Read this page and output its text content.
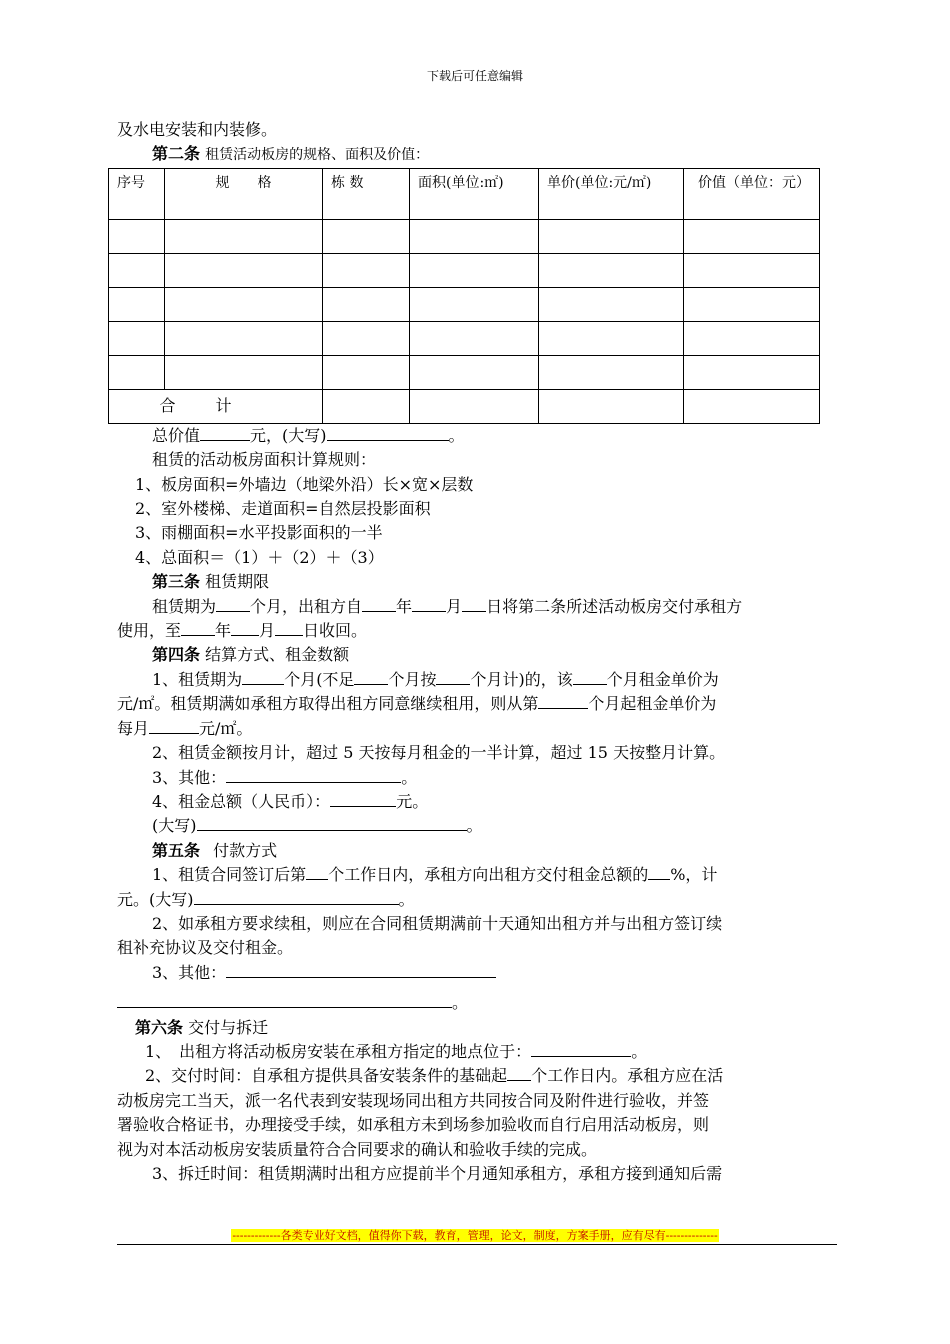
下载后可任意编辑

及水电安装和内装修。

第二条 租赁活动板房的规格、面积及价值：

序号	规　　格	栋 数	面积(单位:㎡)	单价(单位:元/㎡)	价值（单位：元）

合计					

总价值	元，(大写)	。

租赁的活动板房面积计算规则：

1、板房面积=外墙边（地梁外沿）长×宽×层数

2、室外楼梯、走道面积=自然层投影面积

3、雨棚面积=水平投影面积的一半

4、总面积＝（1）＋（2）＋（3）

第三条 租赁期限

租赁期为 个月，出租方自 年 月 日将第二条所述活动板房交付承租方

使用，至 年 月 日收回。

第四条 结算方式、租金数额

1、租赁期为	个月(不足 个月按 个月计)的，该 个月租金单价为

元/㎡。租赁期满如承租方取得出租方同意继续租用，则从第	个月起租金单价为

每月	元/㎡。

2、租赁金额按月计，超过 5 天按每月租金的一半计算，超过 15 天按整月计算。

3、其他：	。

4、租金总额（人民币）：	元。

(大写)	。

第五条 付款方式

1、租赁合同签订后第 个工作日内，承租方向出租方交付租金总额的 %，计

元。(大写)	。

2、如承租方要求续租，则应在合同租赁期满前十天通知出租方并与出租方签订续

租补充协议及交付租金。

3、其他：

。

第六条 交付与拆迁

1、　出租方将活动板房安装在承租方指定的地点位于：	。

2、交付时间：自承租方提供具备安装条件的基础起 个工作日内。承租方应在活

动板房完工当天，派一名代表到安装现场同出租方共同按合同及附件进行验收，并签

署验收合格证书，办理接受手续，如承租方未到场参加验收而自行启用活动板房，则

视为对本活动板房安装质量符合合同要求的确认和验收手续的完成。

3、拆迁时间：租赁期满时出租方应提前半个月通知承租方，承租方接到通知后需

-------------各类专业好文档，值得你下载，教育，管理，论文，制度，方案手册，应有尽有--------------
